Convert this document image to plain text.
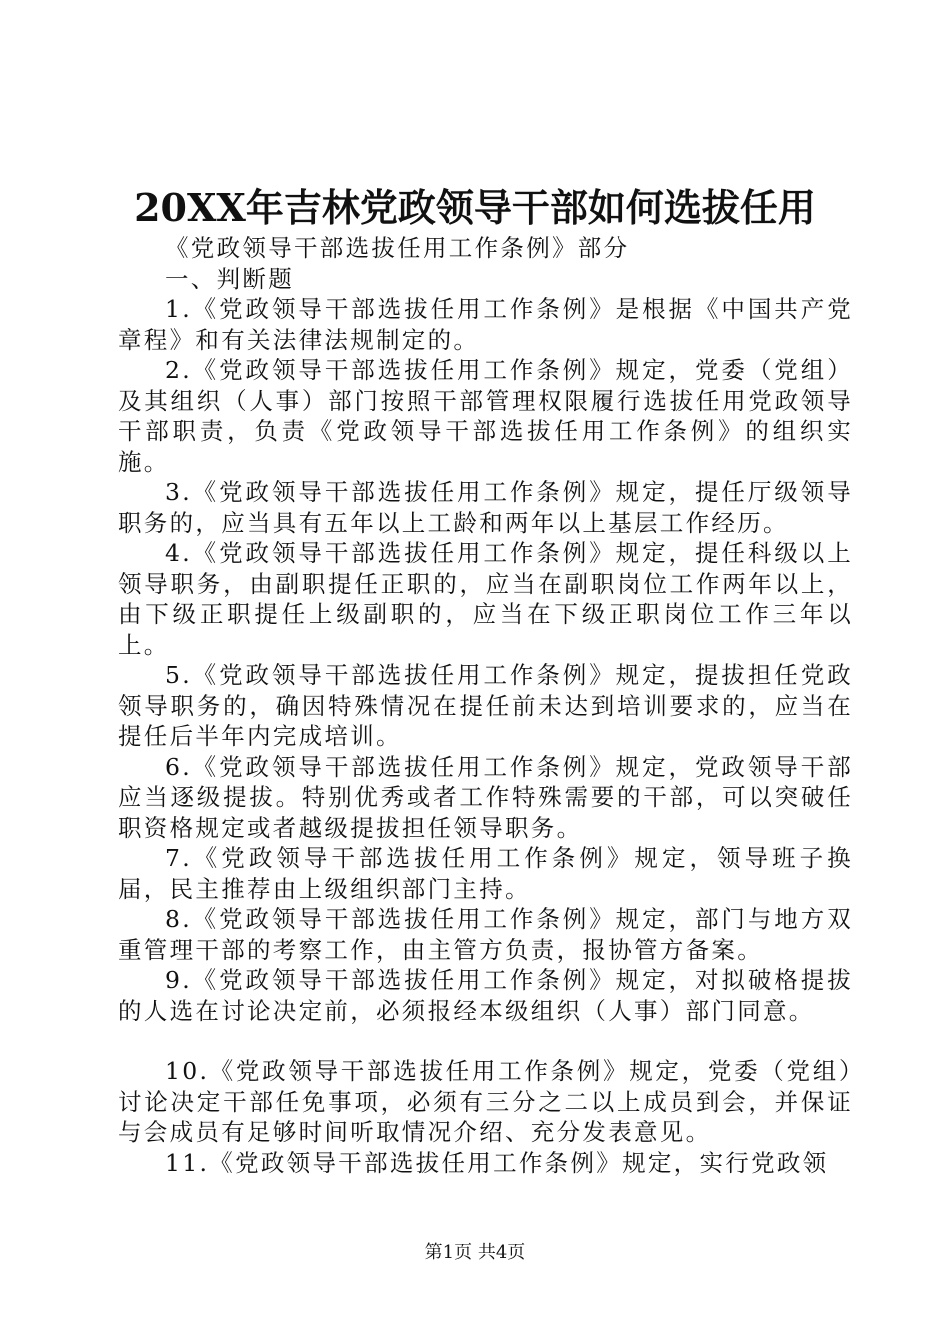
20XX年吉林党政领导干部如何选拔任用

《党政领导干部选拔任用工作条例》部分

一、判断题

1.《党政领导干部选拔任用工作条例》是根据《中国共产党章程》和有关法律法规制定的。

2.《党政领导干部选拔任用工作条例》规定，党委（党组）及其组织（人事）部门按照干部管理权限履行选拔任用党政领导干部职责，负责《党政领导干部选拔任用工作条例》的组织实施。

3.《党政领导干部选拔任用工作条例》规定，提任厅级领导职务的，应当具有五年以上工龄和两年以上基层工作经历。

4.《党政领导干部选拔任用工作条例》规定，提任科级以上领导职务，由副职提任正职的，应当在副职岗位工作两年以上，由下级正职提任上级副职的，应当在下级正职岗位工作三年以上。

5.《党政领导干部选拔任用工作条例》规定，提拔担任党政领导职务的，确因特殊情况在提任前未达到培训要求的，应当在提任后半年内完成培训。

6.《党政领导干部选拔任用工作条例》规定，党政领导干部应当逐级提拔。特别优秀或者工作特殊需要的干部，可以突破任职资格规定或者越级提拔担任领导职务。

7.《党政领导干部选拔任用工作条例》规定，领导班子换届，民主推荐由上级组织部门主持。

8.《党政领导干部选拔任用工作条例》规定，部门与地方双重管理干部的考察工作，由主管方负责，报协管方备案。

9.《党政领导干部选拔任用工作条例》规定，对拟破格提拔的人选在讨论决定前，必须报经本级组织（人事）部门同意。

10.《党政领导干部选拔任用工作条例》规定，党委（党组）讨论决定干部任免事项，必须有三分之二以上成员到会，并保证与会成员有足够时间听取情况介绍、充分发表意见。

11.《党政领导干部选拔任用工作条例》规定，实行党政领

第1页 共4页
